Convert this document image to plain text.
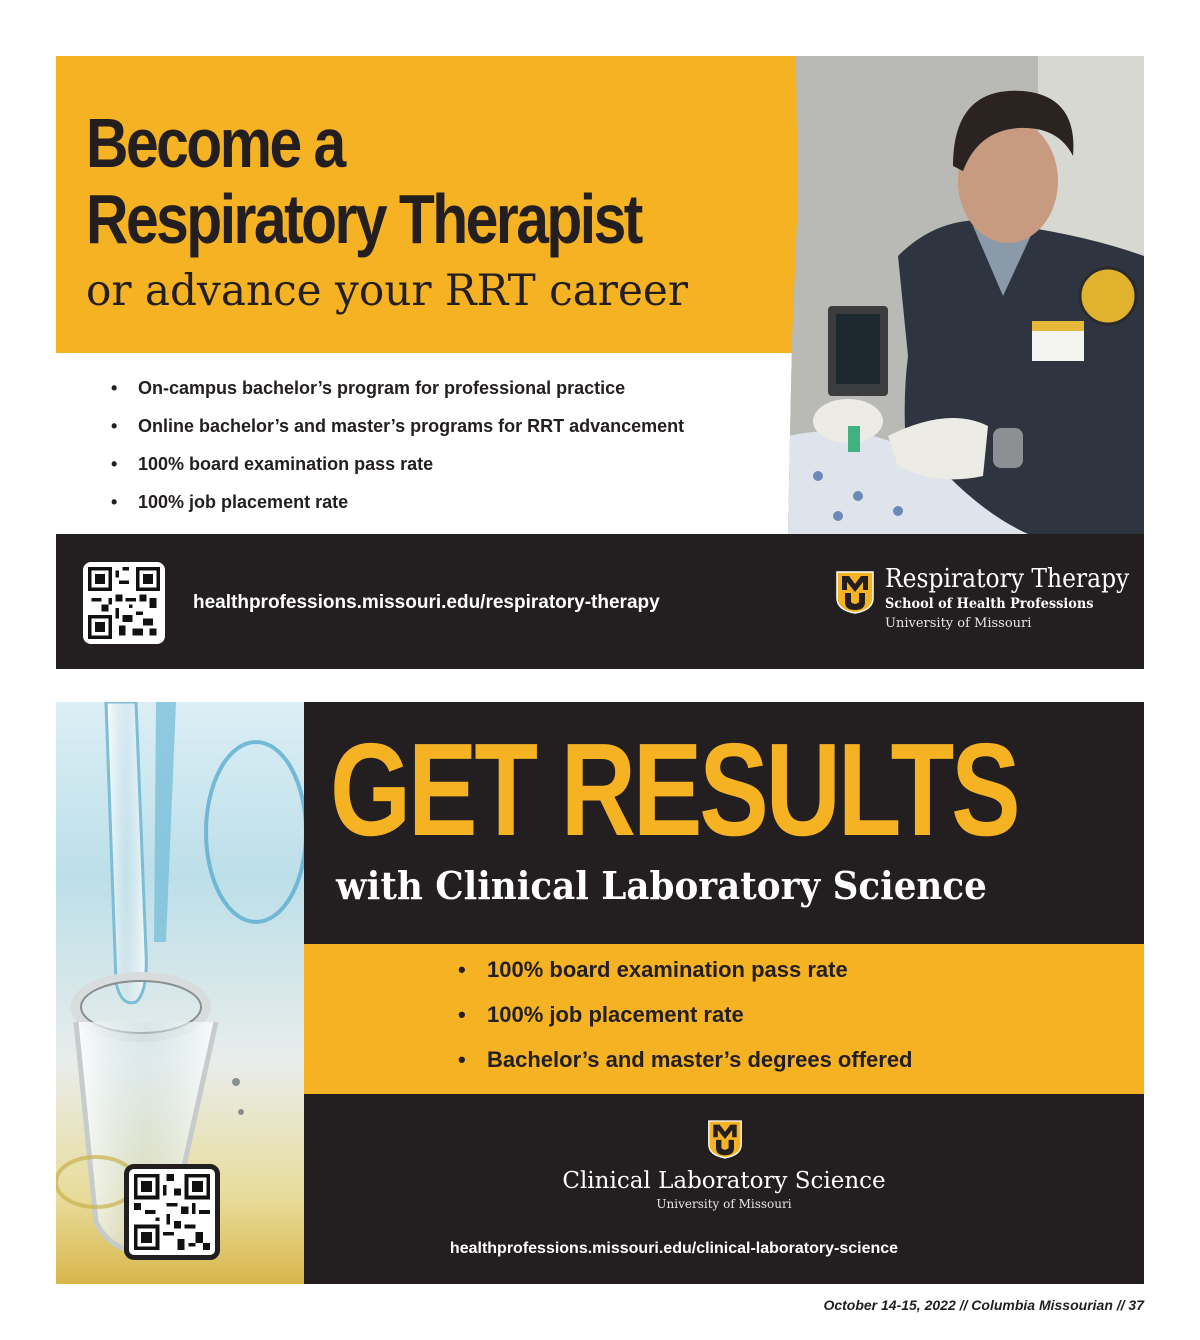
Become a
Respiratory Therapist
or advance your RRT career
• On-campus bachelor’s program for professional practice
• Online bachelor’s and master’s programs for RRT advancement
• 100% board examination pass rate
• 100% job placement rate
healthprofessions.missouri.edu/respiratory-therapy
Respiratory Therapy
School of Health Professions
University of Missouri
GET RESULTS
with Clinical Laboratory Science
• 100% board examination pass rate
• 100% job placement rate
• Bachelor’s and master’s degrees offered
Clinical Laboratory Science
University of Missouri
healthprofessions.missouri.edu/clinical-laboratory-science
October 14-15, 2022 // Columbia Missourian // 37
